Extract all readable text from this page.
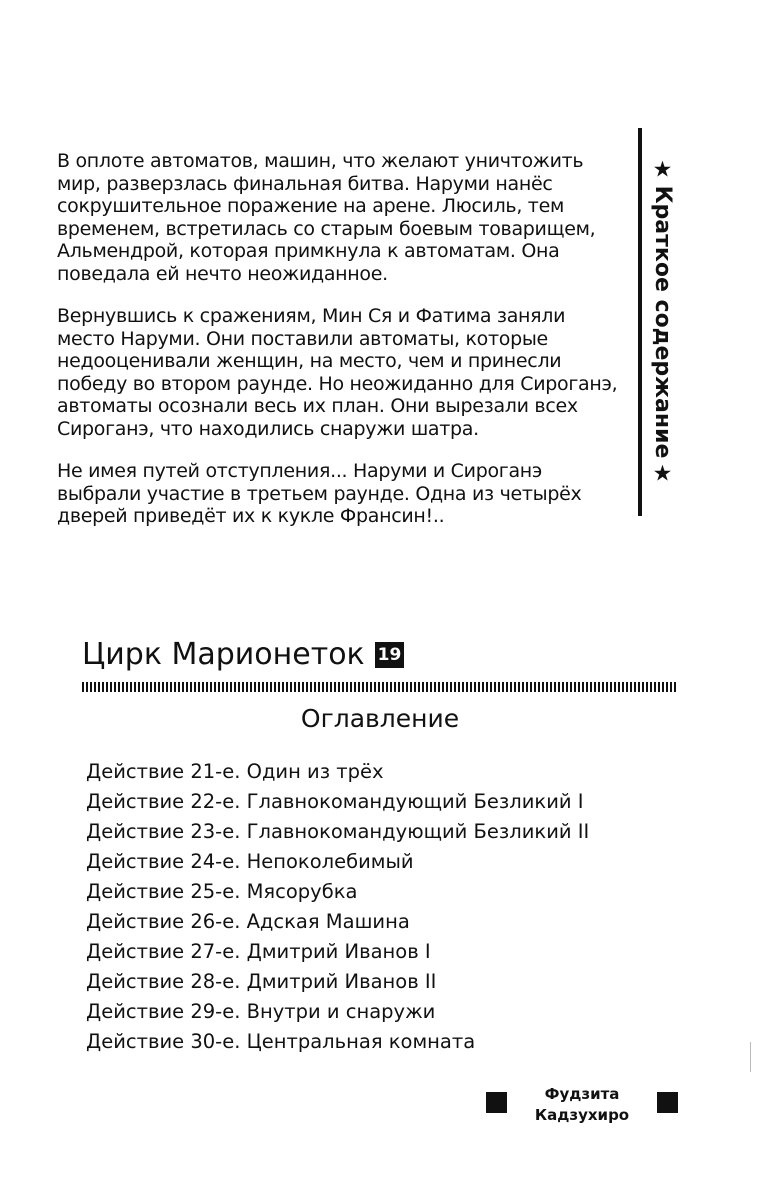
В оплоте автоматов, машин, что желают уничтожить мир, разверзлась финальная битва. Наруми нанёс сокрушительное поражение на арене. Люсиль, тем временем, встретилась со старым боевым товарищем, Альмендрой, которая примкнула к автоматам. Она поведала ей нечто неожиданное.

Вернувшись к сражениям, Мин Ся и Фатима заняли место Наруми. Они поставили автоматы, которые недооценивали женщин, на место, чем и принесли победу во втором раунде. Но неожиданно для Сироганэ, автоматы осознали весь их план. Они вырезали всех Сироганэ, что находились снаружи шатра.

Не имея путей отступления... Наруми и Сироганэ выбрали участие в третьем раунде. Одна из четырёх дверей приведёт их к кукле Франсин!..

★
Краткое содержание
★
Цирк Марионеток 19
Оглавление
Действие 21-е. Один из трёх
Действие 22-е. Главнокомандующий Безликий I
Действие 23-е. Главнокомандующий Безликий II
Действие 24-е. Непоколебимый
Действие 25-е. Мясорубка
Действие 26-е. Адская Машина
Действие 27-е. Дмитрий Иванов I
Действие 28-е. Дмитрий Иванов II
Действие 29-е. Внутри и снаружи
Действие 30-е. Центральная комната
Фудзита
Кадзухиро
